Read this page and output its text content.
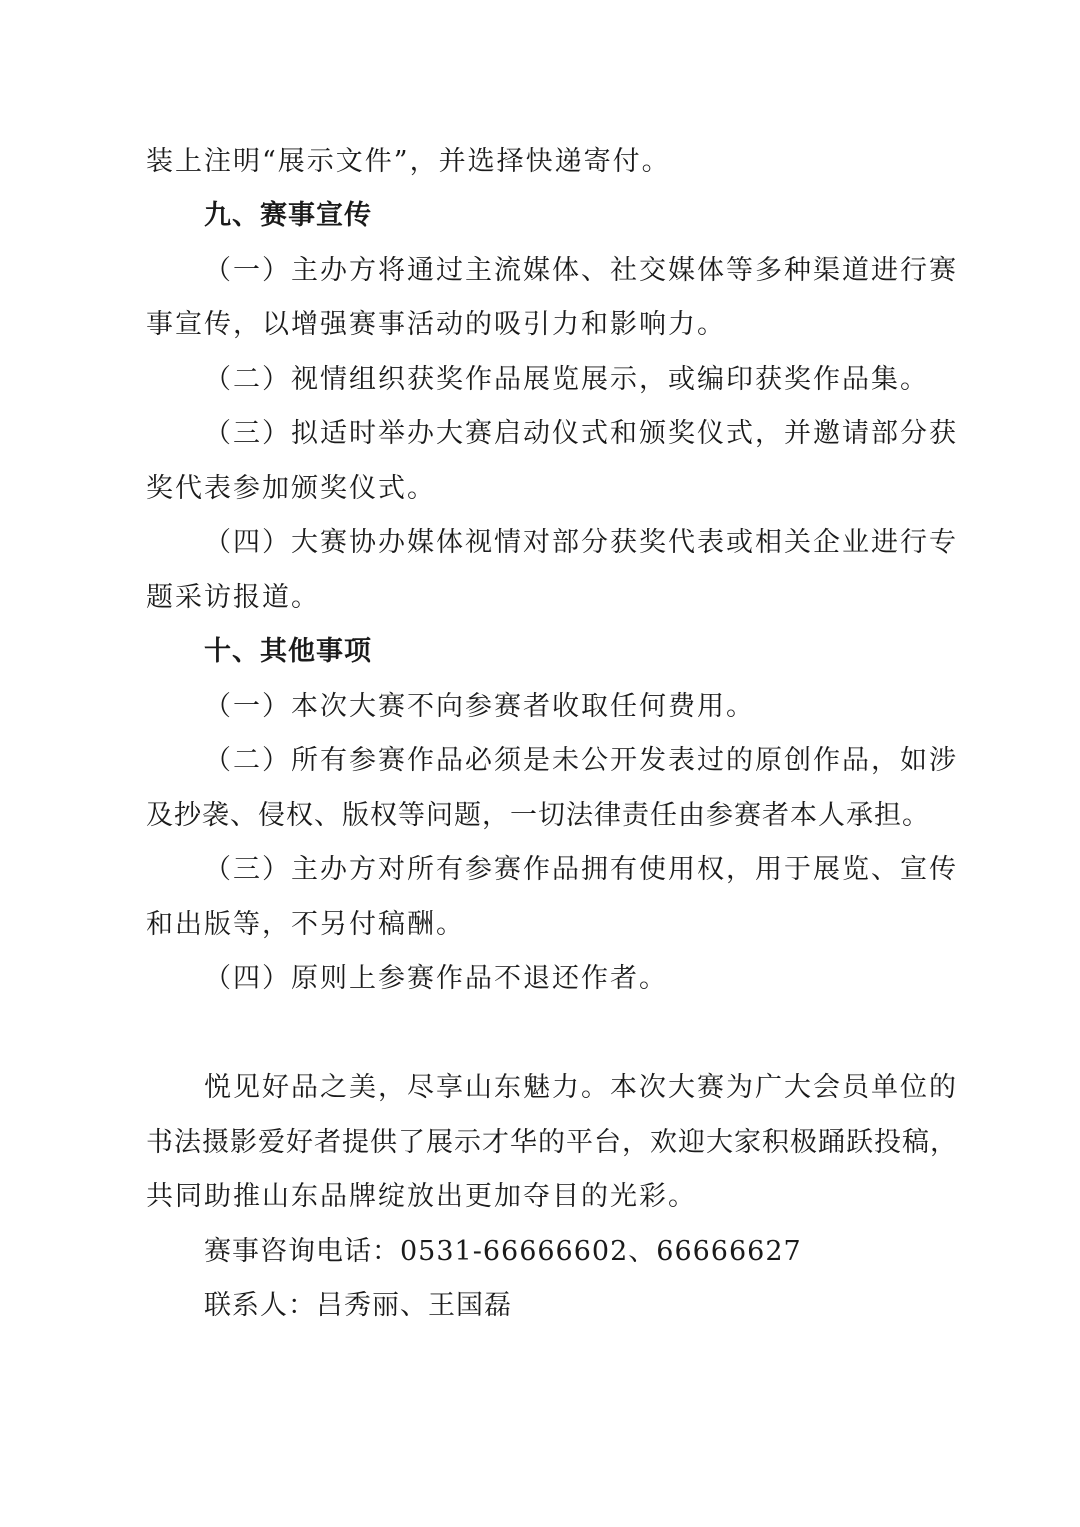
装上注明“展示文件”，并选择快递寄付。
九、赛事宣传
（一）主办方将通过主流媒体、社交媒体等多种渠道进行赛
事宣传，以增强赛事活动的吸引力和影响力。
（二）视情组织获奖作品展览展示，或编印获奖作品集。
（三）拟适时举办大赛启动仪式和颁奖仪式，并邀请部分获
奖代表参加颁奖仪式。
（四）大赛协办媒体视情对部分获奖代表或相关企业进行专
题采访报道。
十、其他事项
（一）本次大赛不向参赛者收取任何费用。
（二）所有参赛作品必须是未公开发表过的原创作品，如涉
及抄袭、侵权、版权等问题，一切法律责任由参赛者本人承担。
（三）主办方对所有参赛作品拥有使用权，用于展览、宣传
和出版等，不另付稿酬。
（四）原则上参赛作品不退还作者。
悦见好品之美，尽享山东魅力。本次大赛为广大会员单位的
书法摄影爱好者提供了展示才华的平台，欢迎大家积极踊跃投稿，
共同助推山东品牌绽放出更加夺目的光彩。
赛事咨询电话：0531-66666602、66666627
联系人：吕秀丽、王国磊
